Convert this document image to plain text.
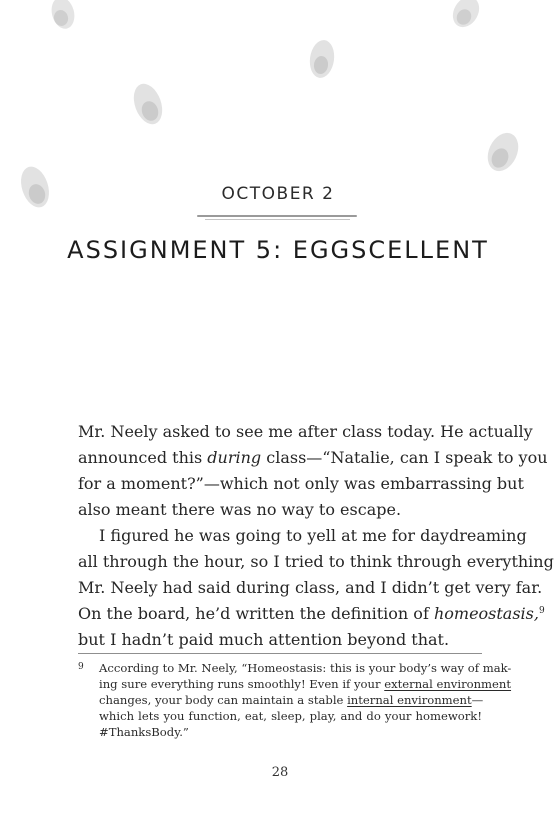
OCTOBER 2
ASSIGNMENT 5: EGGSCELLENT

Mr. Neely asked to see me after class today. He actually
announced this during class—“Natalie, can I speak to you
for a moment?”—which not only was embarrassing but
also meant there was no way to escape.

I figured he was going to yell at me for daydreaming
all through the hour, so I tried to think through everything
Mr. Neely had said during class, and I didn’t get very far.
On the board, he’d written the definition of homeostasis,$^9$
but I hadn’t paid much attention beyond that.

9 According to Mr. Neely, “Homeostasis: this is your body’s way of mak-
ing sure everything runs smoothly! Even if your external environment
changes, your body can maintain a stable internal environment—
which lets you function, eat, sleep, play, and do your homework!
#ThanksBody.”
28
